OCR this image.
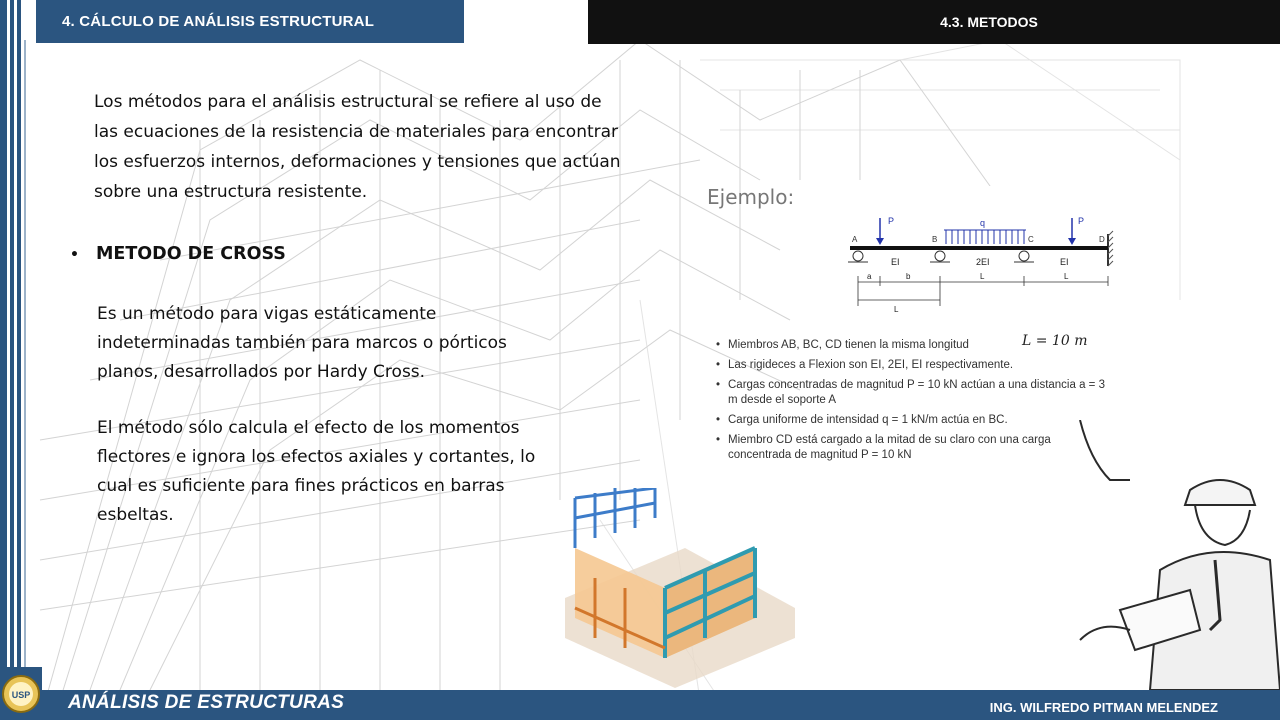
4. CÁLCULO DE ANÁLISIS ESTRUCTURAL	4.3. METODOS
Los métodos para el análisis estructural se refiere al uso de
las ecuaciones de la resistencia de materiales para encontrar
los esfuerzos internos, deformaciones y tensiones que actúan
sobre una estructura resistente.
• METODO DE CROSS
Es un método para vigas estáticamente
indeterminadas también para marcos o pórticos
planos, desarrollados por Hardy Cross.
El método sólo calcula el efecto de los momentos
flectores e ignora los efectos axiales y cortantes, lo
cual es suficiente para fines prácticos en barras
esbeltas.
Ejemplo:
P	q	P
A	B	C	D
EI	2EI	EI
a	b
L
L	L
• Miembros AB, BC, CD tienen la misma longitud	L = 10 m
• Las rigideces a Flexion son EI, 2EI, EI respectivamente.
• Cargas concentradas de magnitud P = 10 kN actúan a una distancia a = 3 m desde el soporte A
• Carga uniforme de intensidad q = 1 kN/m actúa en BC.
• Miembro CD está cargado a la mitad de su claro con una carga concentrada de magnitud P = 10 kN
USP ANÁLISIS DE ESTRUCTURAS	ING. WILFREDO PITMAN MELENDEZ
